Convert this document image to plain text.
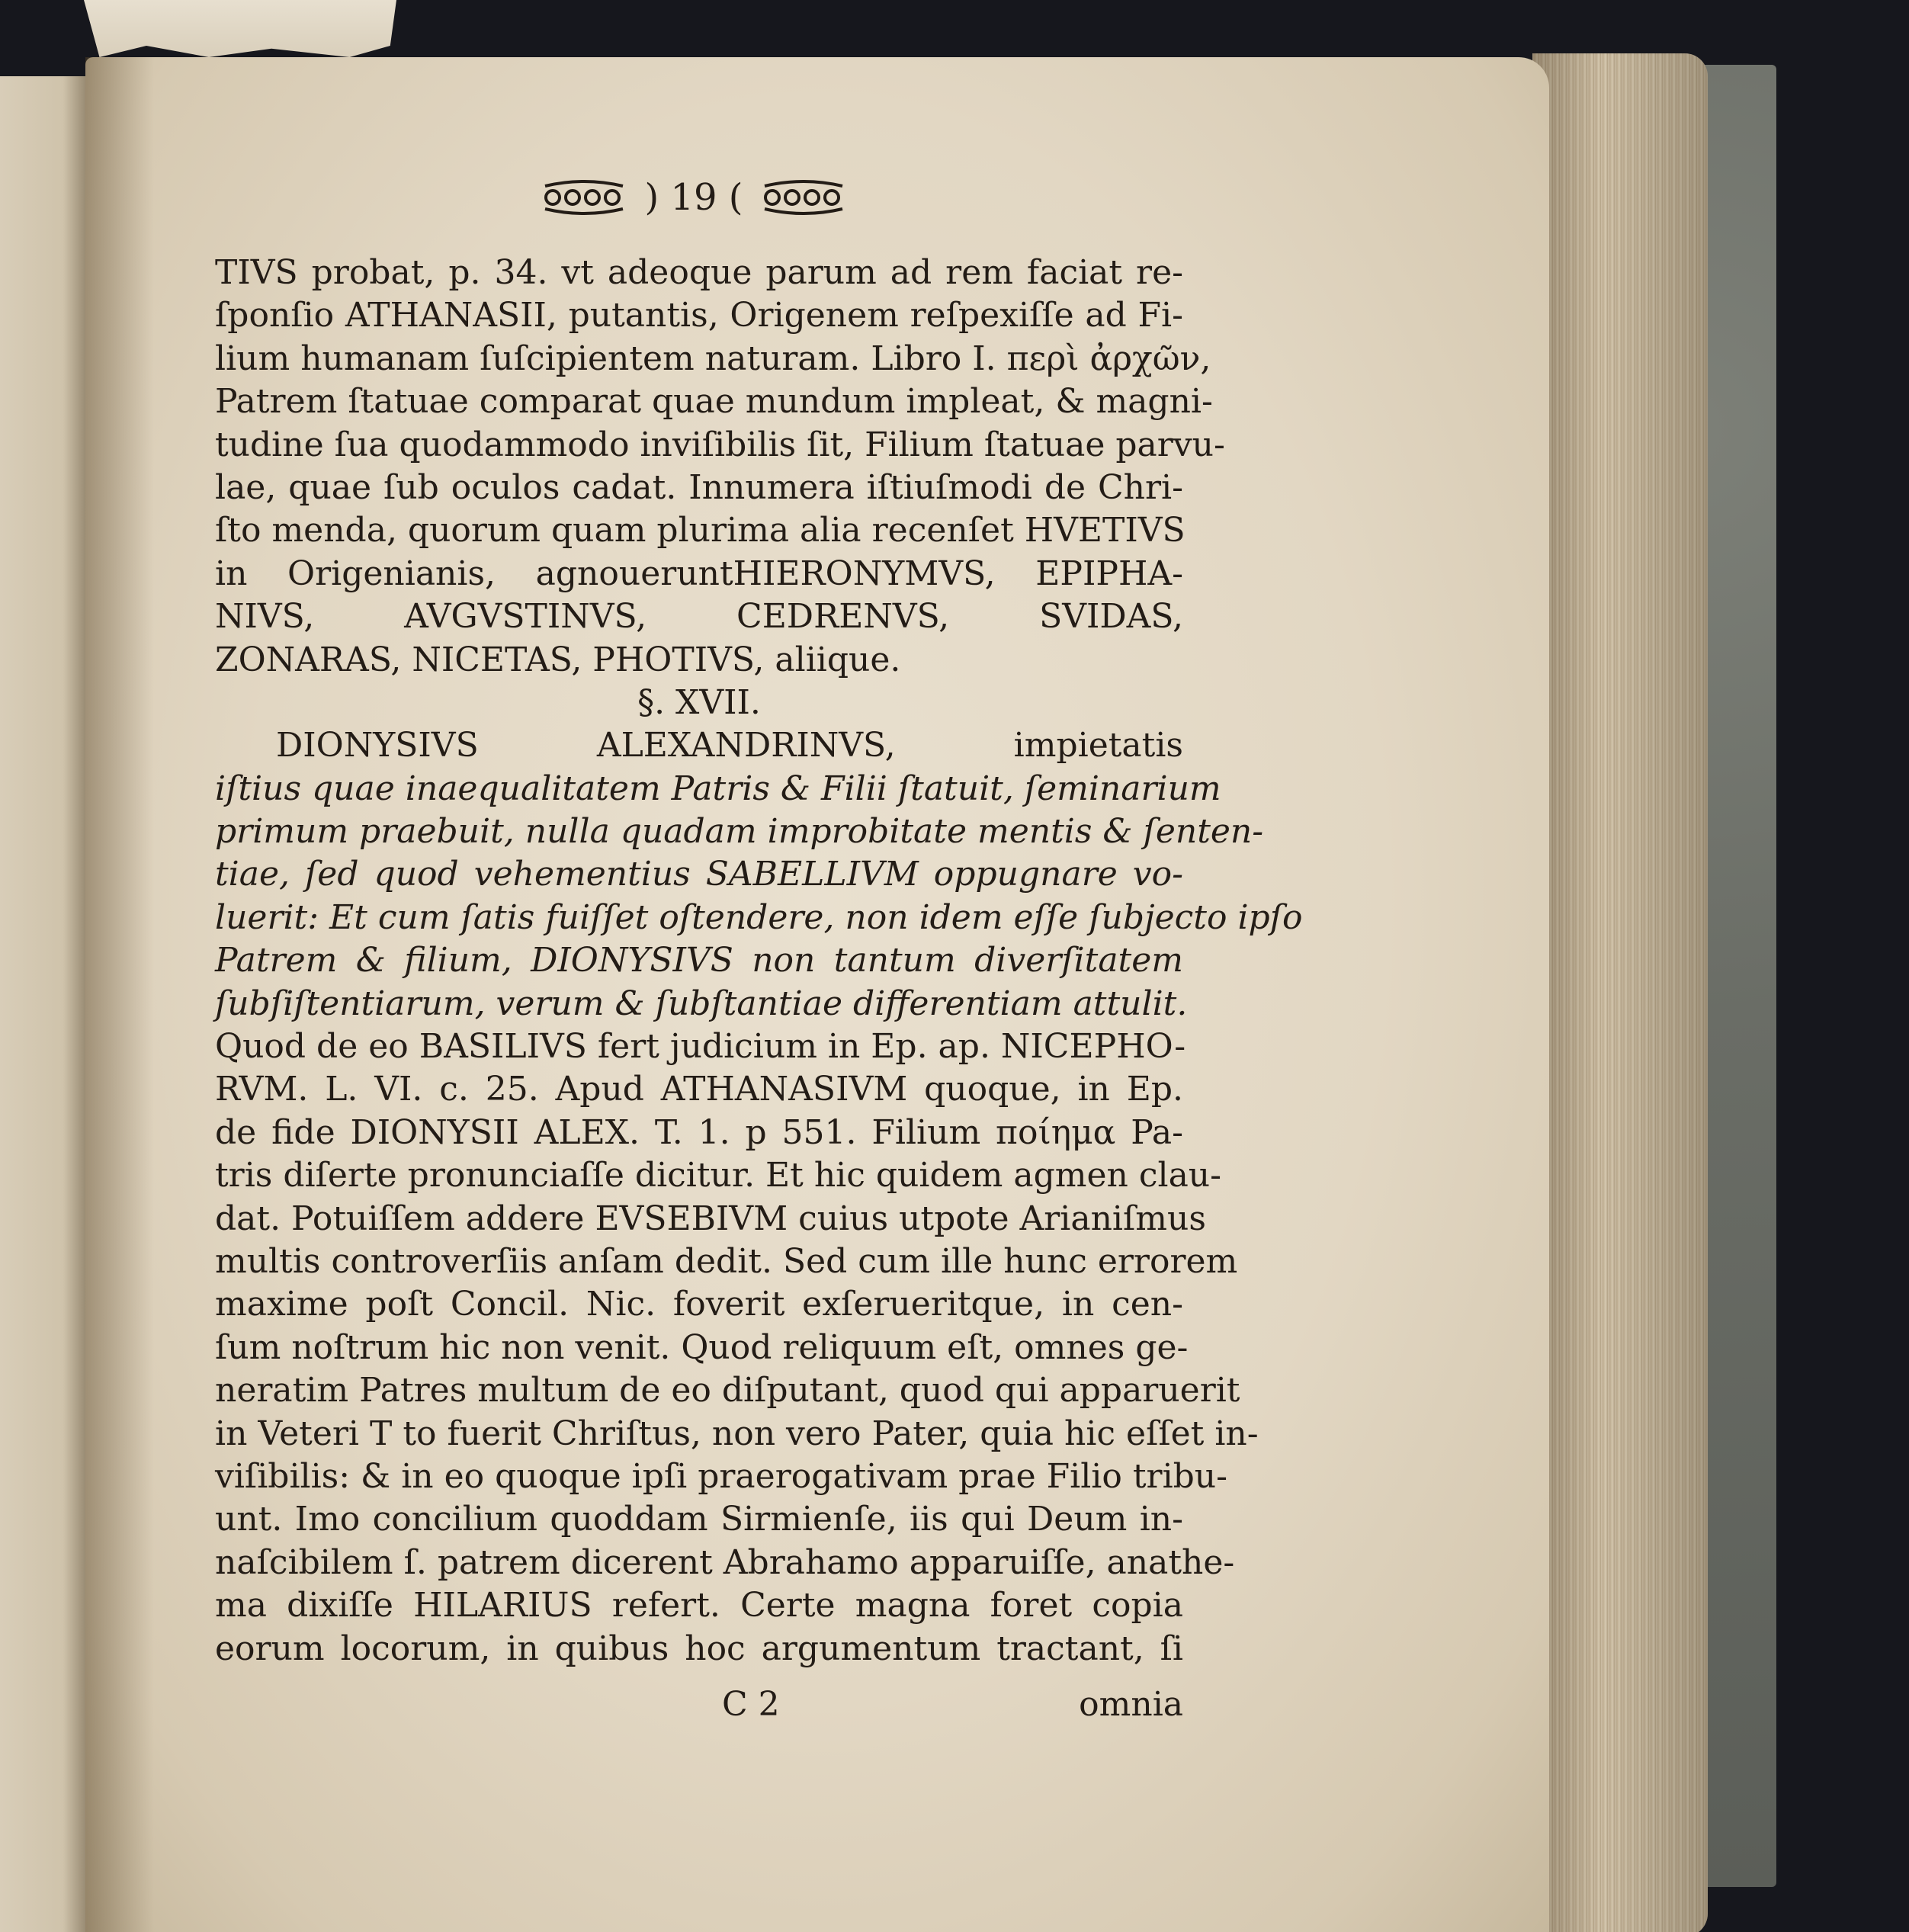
) 19 (
TIVS probat, p. 34. vt adeoque parum ad rem faciat re-
ſponſio ATHANASII, putantis, Origenem reſpexiſſe ad Fi-
lium humanam ſuſcipientem naturam. Libro I. περὶ ἀρχῶν,
Patrem ſtatuae comparat quae mundum impleat, & magni-
tudine ſua quodammodo inviſibilis ſit, Filium ſtatuae parvu-
lae, quae ſub oculos cadat. Innumera iſtiuſmodi de Chri-
ſto menda, quorum quam plurima alia recenſet HVETIVS
in Origenianis, agnoueruntHIERONYMVS, EPIPHA-
NIVS, AVGVSTINVS, CEDRENVS, SVIDAS,
ZONARAS, NICETAS, PHOTIVS, aliique.
§. XVII.
DIONYSIVS ALEXANDRINVS, impietatis
iſtius quae inaequalitatem Patris & Filii ſtatuit, ſeminarium
primum praebuit, nulla quadam improbitate mentis & ſenten-
tiae, ſed quod vehementius SABELLIVM oppugnare vo-
luerit: Et cum ſatis fuiſſet oſtendere, non idem eſſe ſubjecto ipſo
Patrem & filium, DIONYSIVS non tantum diverſitatem
ſubſiſtentiarum, verum & ſubſtantiae differentiam attulit.
Quod de eo BASILIVS fert judicium in Ep. ap. NICEPHO-
RVM. L. VI. c. 25. Apud ATHANASIVM quoque, in Ep.
de fide DIONYSII ALEX. T. 1. p 551. Filium ποίημα Pa-
tris diſerte pronunciaſſe dicitur. Et hic quidem agmen clau-
dat. Potuiſſem addere EVSEBIVM cuius utpote Arianiſmus
multis controverſiis anſam dedit. Sed cum ille hunc errorem
maxime poſt Concil. Nic. foverit exſerueritque, in cen-
ſum noſtrum hic non venit. Quod reliquum eſt, omnes ge-
neratim Patres multum de eo diſputant, quod qui apparuerit
in Veteri T to fuerit Chriſtus, non vero Pater, quia hic eſſet in-
viſibilis: & in eo quoque ipſi praerogativam prae Filio tribu-
unt. Imo concilium quoddam Sirmienſe, iis qui Deum in-
naſcibilem ſ. patrem dicerent Abrahamo apparuiſſe, anathe-
ma dixiſſe HILARIUS refert. Certe magna foret copia
eorum locorum, in quibus hoc argumentum tractant, ſi
C 2	omnia
